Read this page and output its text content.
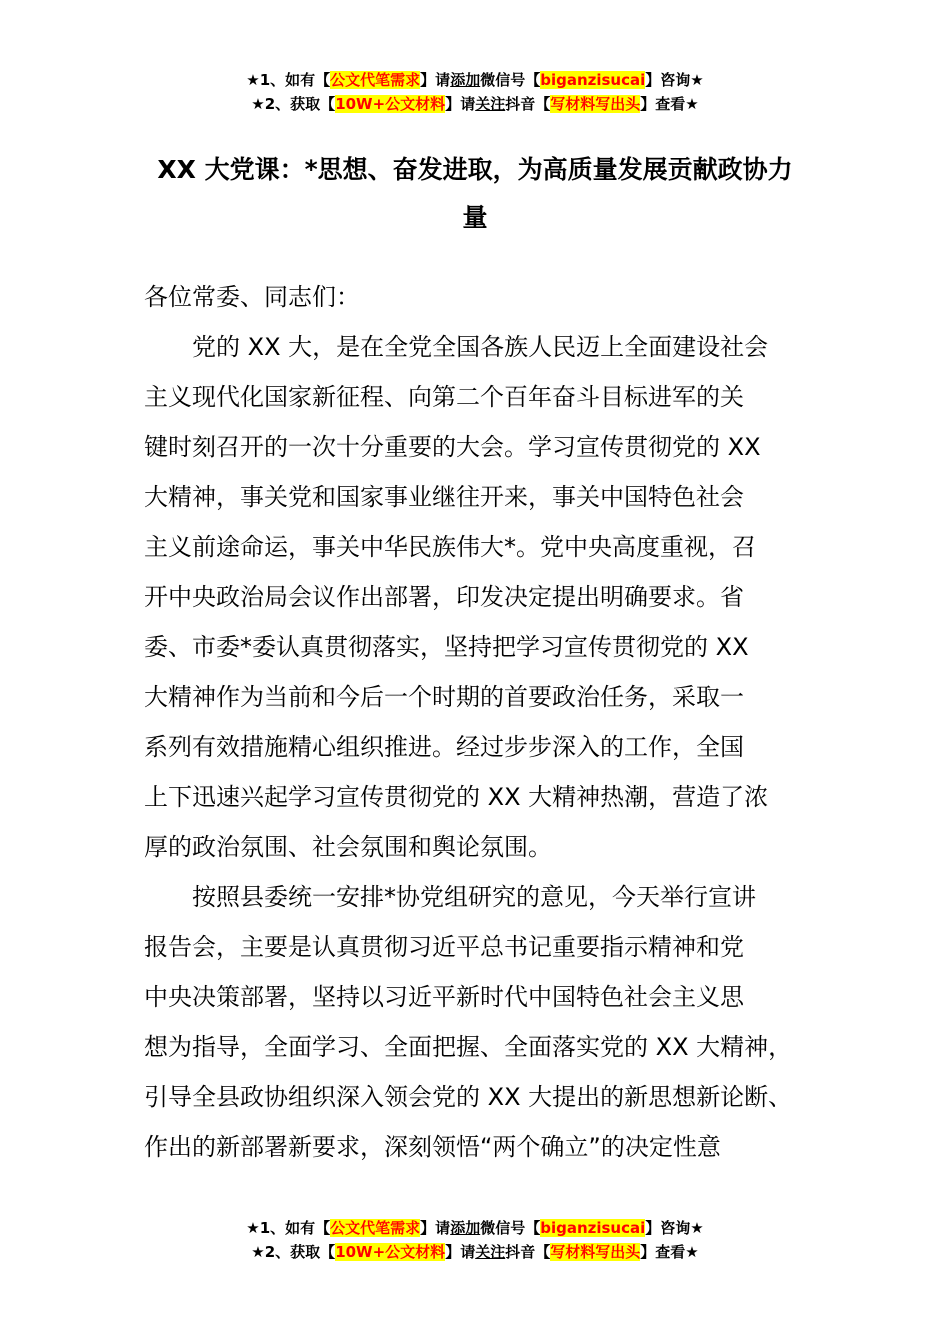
★1、如有【公文代笔需求】请添加微信号【biganzisucai】咨询★
★2、获取【10W+公文材料】请关注抖音【写材料写出头】查看★
XX 大党课：*思想、奋发进取，为高质量发展贡献政协力
量
各位常委、同志们：
党的 XX 大，是在全党全国各族人民迈上全面建设社会
主义现代化国家新征程、向第二个百年奋斗目标进军的关
键时刻召开的一次十分重要的大会。学习宣传贯彻党的 XX
大精神，事关党和国家事业继往开来，事关中国特色社会
主义前途命运，事关中华民族伟大*。党中央高度重视，召
开中央政治局会议作出部署，印发决定提出明确要求。省
委、市委*委认真贯彻落实，坚持把学习宣传贯彻党的 XX
大精神作为当前和今后一个时期的首要政治任务，采取一
系列有效措施精心组织推进。经过步步深入的工作，全国
上下迅速兴起学习宣传贯彻党的 XX 大精神热潮，营造了浓
厚的政治氛围、社会氛围和舆论氛围。
按照县委统一安排*协党组研究的意见，今天举行宣讲
报告会，主要是认真贯彻习近平总书记重要指示精神和党
中央决策部署，坚持以习近平新时代中国特色社会主义思
想为指导，全面学习、全面把握、全面落实党的 XX 大精神，
引导全县政协组织深入领会党的 XX 大提出的新思想新论断、
作出的新部署新要求，深刻领悟“两个确立”的决定性意
★1、如有【公文代笔需求】请添加微信号【biganzisucai】咨询★
★2、获取【10W+公文材料】请关注抖音【写材料写出头】查看★
